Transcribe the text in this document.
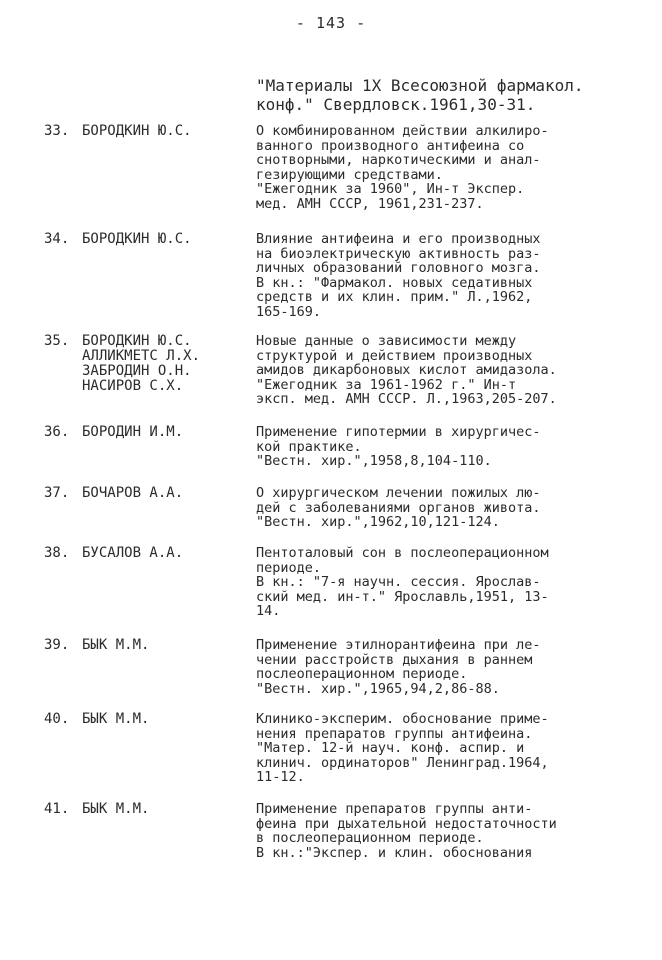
- 143 -
"Материалы 1Х Всесоюзной фармакол.
конф." Свердловск.1961,30-31.
33. БОРОДКИН Ю.С.	О комбинированном действии алкилиро-
ванного производного антифеина со
снотворными, наркотическими и анал-
гезирующими средствами.
"Ежегодник за 1960", Ин-т Экспер.
мед. АМН СССР, 1961,231-237.
34. БОРОДКИН Ю.С.	Влияние антифеина и его производных
на биоэлектрическую активность раз-
личных образований головного мозга.
В кн.: "Фармакол. новых седативных
средств и их клин. прим." Л.,1962,
165-169.
35. БОРОДКИН Ю.С.
АЛЛИКМЕТС Л.Х.
ЗАБРОДИН О.Н.
НАСИРОВ С.Х.
Новые данные о зависимости между
структурой и действием производных
амидов дикарбоновых кислот амидазола.
"Ежегодник за 1961-1962 г." Ин-т
эксп. мед. АМН СССР. Л.,1963,205-207.
36. БОРОДИН И.М.	Применение гипотермии в хирургичес-
кой практике.
"Вестн. хир.",1958,8,104-110.
37. БОЧАРОВ А.А.	О хирургическом лечении пожилых лю-
дей с заболеваниями органов живота.
"Вестн. хир.",1962,10,121-124.
38. БУСАЛОВ А.А.	Пентоталовый сон в послеоперационном
периоде.
В кн.: "7-я научн. сессия. Ярослав-
ский мед. ин-т." Ярославль,1951, 13-
14.
39. БЫК М.М.	Применение этилнорантифеина при ле-
чении расстройств дыхания в раннем
послеоперационном периоде.
"Вестн. хир.",1965,94,2,86-88.
40. БЫК М.М.	Клинико-эксперим. обоснование приме-
нения препаратов группы антифеина.
"Матер. 12-й науч. конф. аспир. и
клинич. ординаторов" Ленинград.1964,
11-12.
41. БЫК М.М.	Применение препаратов группы анти-
феина при дыхательной недостаточности
в послеоперационном периоде.
В кн.:"Экспер. и клин. обоснования
